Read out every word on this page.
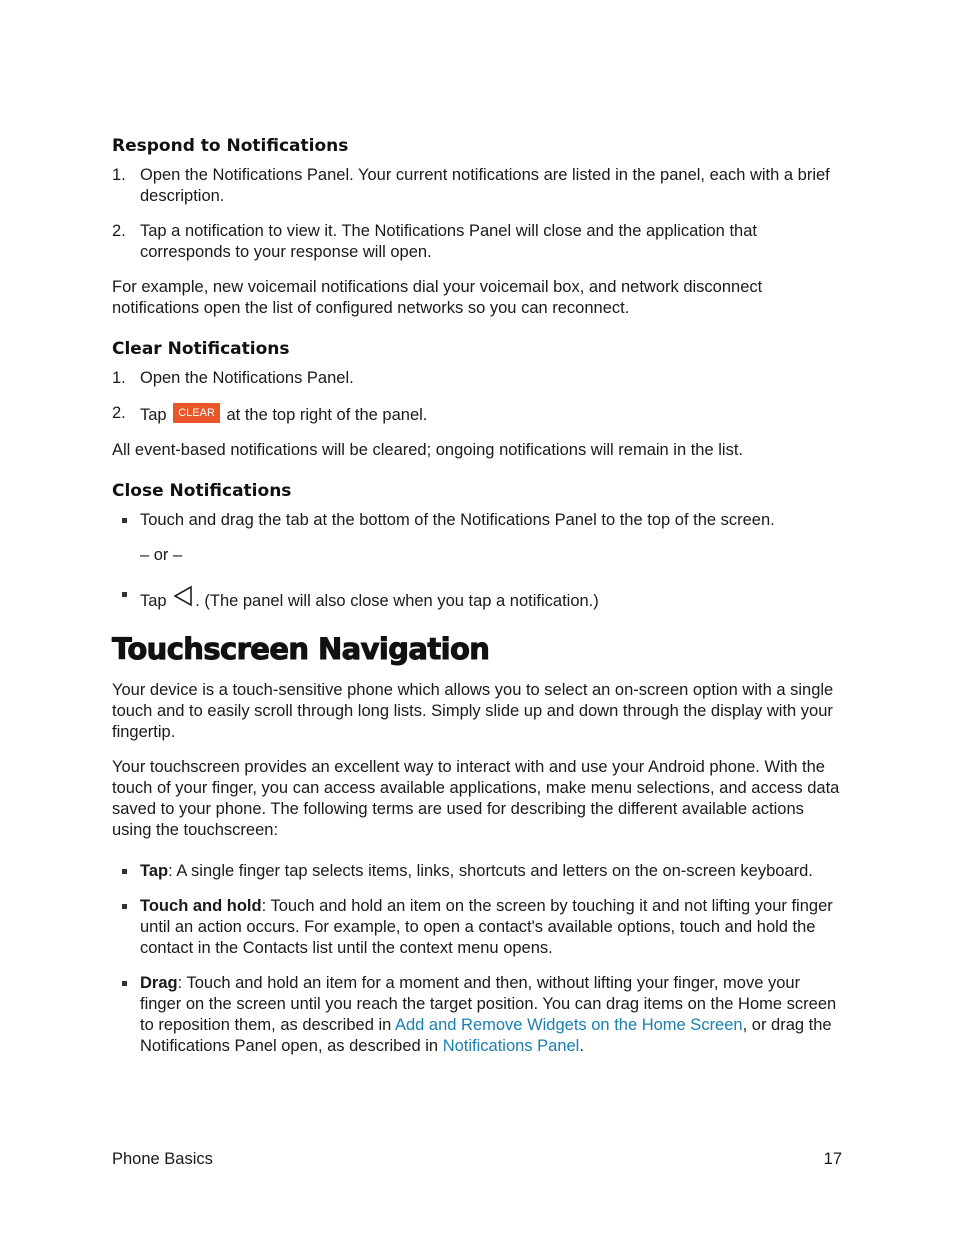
Respond to Notifications
1. Open the Notifications Panel. Your current notifications are listed in the panel, each with a brief description.
2. Tap a notification to view it. The Notifications Panel will close and the application that corresponds to your response will open.

For example, new voicemail notifications dial your voicemail box, and network disconnect notifications open the list of configured networks so you can reconnect.

Clear Notifications
1. Open the Notifications Panel.
2. Tap CLEAR at the top right of the panel.

All event-based notifications will be cleared; ongoing notifications will remain in the list.

Close Notifications
Touch and drag the tab at the bottom of the Notifications Panel to the top of the screen.
– or –
Tap . (The panel will also close when you tap a notification.)
Touchscreen Navigation

Your device is a touch-sensitive phone which allows you to select an on-screen option with a single touch and to easily scroll through long lists. Simply slide up and down through the display with your fingertip.

Your touchscreen provides an excellent way to interact with and use your Android phone. With the touch of your finger, you can access available applications, make menu selections, and access data saved to your phone. The following terms are used for describing the different available actions using the touchscreen:

Tap: A single finger tap selects items, links, shortcuts and letters on the on-screen keyboard.
Touch and hold: Touch and hold an item on the screen by touching it and not lifting your finger until an action occurs. For example, to open a contact's available options, touch and hold the contact in the Contacts list until the context menu opens.
Drag: Touch and hold an item for a moment and then, without lifting your finger, move your finger on the screen until you reach the target position. You can drag items on the Home screen to reposition them, as described in Add and Remove Widgets on the Home Screen, or drag the Notifications Panel open, as described in Notifications Panel.
Phone Basics	17
